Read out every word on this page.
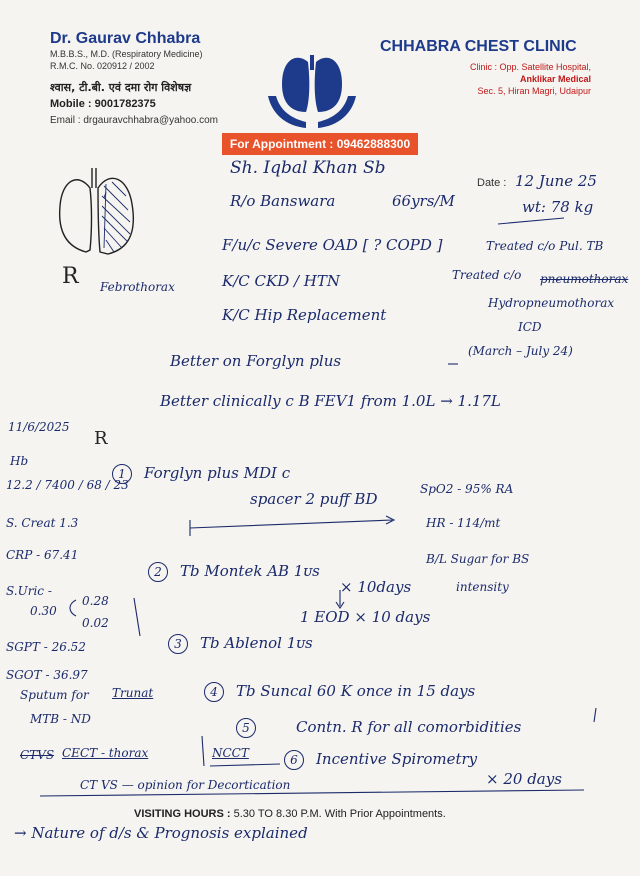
Dr. Gaurav Chhabra
M.B.B.S., M.D. (Respiratory Medicine)
R.M.C. No. 020912 / 2002
श्वास, टी.बी. एवं दमा रोग विशेषज्ञ
Mobile : 9001782375
Email : drgauravchhabra@yahoo.com
CHHABRA CHEST CLINIC
Clinic : Opp. Satellite Hospital,
Anklikar Medical
Sec. 5, Hiran Magri, Udaipur
For Appointment : 09462888300
Sh. Iqbal Khan Sb
Date : 12 June 25
R/o Banswara	66yrs/M	wt: 78 kg
F/u/c Severe OAD [ ? COPD ]	Treated c/o Pul. TB
R Febrothorax	K/C CKD / HTN	Treated c/o pneumothorax
Hydropneumothorax
K/C Hip Replacement
ICD
(March – July 24)
Better on Forglyn plus
Better clinically c B FEV1 from 1.0L → 1.17L
11/6/2025
R
Hb
12.2 / 7400 / 68 / 23
S. Creat 1.3
CRP - 67.41
S.Uric -
0.30
0.28
0.02
SGPT - 26.52
SGOT - 36.97
Sputum for Trunat
MTB - ND
CTVS CECT - thorax	NCCT
CT VS — opinion for Decortication
1 Forglyn plus MDI c
spacer 2 puff BD
SpO2 - 95% RA
HR - 114/mt
B/L Sugar for BS
intensity
2 Tb Montek AB 1ᴜs
× 10days
1 EOD × 10 days
3 Tb Ablenol 1ᴜs
4 Tb Suncal 60 K once in 15 days
5	Contn. R for all comorbidities
6 Incentive Spirometry
× 20 days
VISITING HOURS : 5.30 TO 8.30 P.M. With Prior Appointments.
→ Nature of d/s & Prognosis explained
